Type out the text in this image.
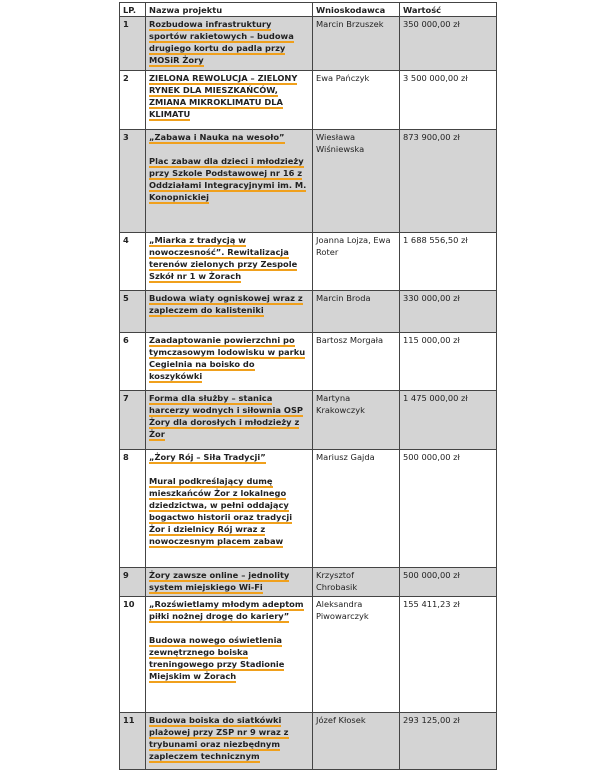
LP.	Nazwa projektu	Wnioskodawca	Wartość
1	Rozbudowa infrastruktury sportów rakietowych – budowa drugiego kortu do padla przy MOSiR Żory	Marcin Brzuszek	350 000,00 zł
2	ZIELONA REWOLUCJA – ZIELONY RYNEK DLA MIESZKAŃCÓW, ZMIANA MIKROKLIMATU DLA KLIMATU	Ewa Pańczyk	3 500 000,00 zł
3	„Zabawa i Nauka na wesoło”

Plac zabaw dla dzieci i młodzieży przy Szkole Podstawowej nr 16 z Oddziałami Integracyjnymi im. M. Konopnickiej	Wiesława Wiśniewska	873 900,00 zł
4	„Miarka z tradycją w nowoczesność”. Rewitalizacja terenów zielonych przy Zespole Szkół nr 1 w Żorach	Joanna Lojza, Ewa Roter	1 688 556,50 zł
5	Budowa wiaty ogniskowej wraz z zapleczem do kalisteniki	Marcin Broda	330 000,00 zł
6	Zaadaptowanie powierzchni po tymczasowym lodowisku w parku Cegielnia na boisko do koszykówki	Bartosz Morgała	115 000,00 zł
7	Forma dla służby – stanica harcerzy wodnych i siłownia OSP Żory dla dorosłych i młodzieży z Żor	Martyna Krakowczyk	1 475 000,00 zł
8	„Żory Rój – Siła Tradycji”

Mural podkreślający dumę mieszkańców Żor z lokalnego dziedzictwa, w pełni oddający bogactwo historii oraz tradycji Żor i dzielnicy Rój wraz z nowoczesnym placem zabaw	Mariusz Gajda	500 000,00 zł
9	Żory zawsze online – jednolity system miejskiego Wi-Fi	Krzysztof Chrobasik	500 000,00 zł
10	„Rozświetlamy młodym adeptom piłki nożnej drogę do kariery”

Budowa nowego oświetlenia zewnętrznego boiska treningowego przy Stadionie Miejskim w Żorach	Aleksandra Piwowarczyk	155 411,23 zł
11	Budowa boiska do siatkówki plażowej przy ZSP nr 9 wraz z trybunami oraz niezbędnym zapleczem technicznym	Józef Kłosek	293 125,00 zł
